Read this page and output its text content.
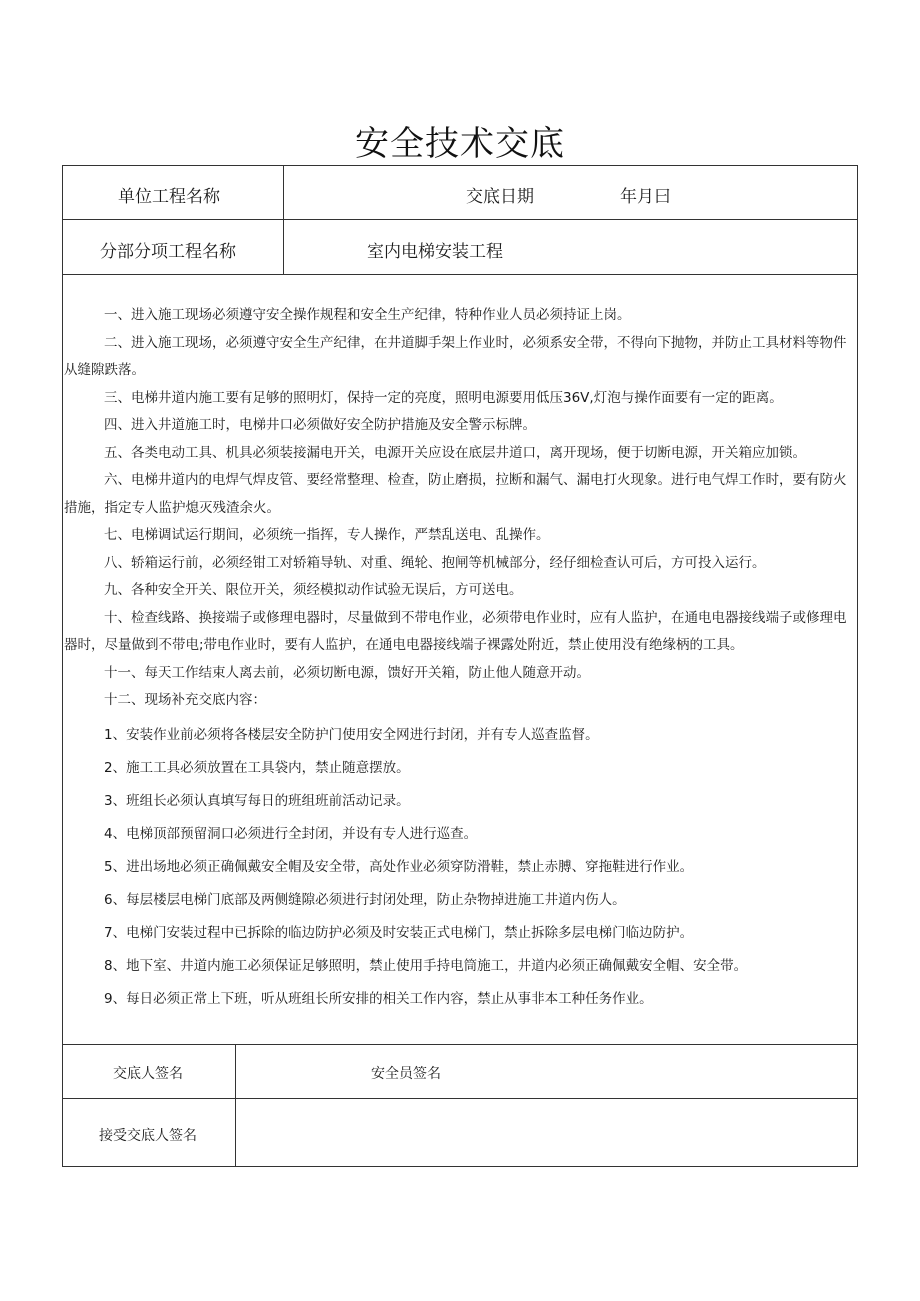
安全技术交底
单位工程名称	交底日期	年月曰
分部分项工程名称	室内电梯安装工程

一、进入施工现场必须遵守安全操作规程和安全生产纪律，特种作业人员必须持证上岗。

二、进入施工现场，必须遵守安全生产纪律，在井道脚手架上作业时，必须系安全带，不得向下抛物，并防止工具材料等物件从缝隙跌落。

三、电梯井道内施工要有足够的照明灯，保持一定的亮度，照明电源要用低压36V,灯泡与操作面要有一定的距离。

四、进入井道施工时，电梯井口必须做好安全防护措施及安全警示标牌。

五、各类电动工具、机具必须装接漏电开关，电源开关应设在底层井道口，离开现场，便于切断电源，开关箱应加锁。

六、电梯井道内的电焊气焊皮管、要经常整理、检查，防止磨损，拉断和漏气、漏电打火现象。进行电气焊工作时，要有防火措施，指定专人监护熄灭残渣余火。

七、电梯调试运行期间，必须统一指挥，专人操作，严禁乱送电、乱操作。

八、轿箱运行前，必须经钳工对轿箱导轨、对重、绳轮、抱闸等机械部分，经仔细检查认可后，方可投入运行。

九、各种安全开关、限位开关，须经模拟动作试验无误后，方可送电。

十、检查线路、换接端子或修理电器时，尽量做到不带电作业，必须带电作业时，应有人监护，在通电电器接线端子或修理电器时，尽量做到不带电;带电作业时，要有人监护，在通电电器接线端子裸露处附近，禁止使用没有绝缘柄的工具。

十一、每天工作结束人离去前，必须切断电源，馈好开关箱，防止他人随意开动。

十二、现场补充交底内容：

1、安装作业前必须将各楼层安全防护门使用安全网进行封闭，并有专人巡查监督。
2、施工工具必须放置在工具袋内，禁止随意摆放。
3、班组长必须认真填写每日的班组班前活动记录。
4、电梯顶部预留洞口必须进行全封闭，并设有专人进行巡查。
5、进出场地必须正确佩戴安全帽及安全带，高处作业必须穿防滑鞋，禁止赤膊、穿拖鞋进行作业。
6、每层楼层电梯门底部及两侧缝隙必须进行封闭处理，防止杂物掉进施工井道内伤人。
7、电梯门安装过程中已拆除的临边防护必须及时安装正式电梯门，禁止拆除多层电梯门临边防护。
8、地下室、井道内施工必须保证足够照明，禁止使用手持电筒施工，井道内必须正确佩戴安全帽、安全带。
9、每日必须正常上下班，听从班组长所安排的相关工作内容，禁止从事非本工种任务作业。
交底人签名	安全员签名
接受交底人签名
